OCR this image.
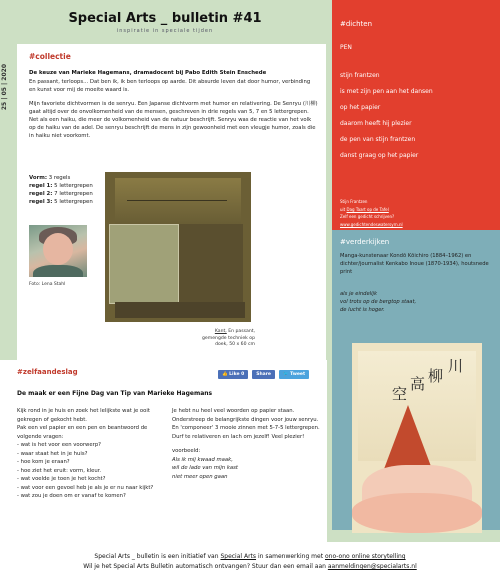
Special Arts _ bulletin #41
inspiratie in speciale tijden
25 | 05 | 2020
#collectie
De keuze van Marieke Hagemans, dramadocent bij Pabo Edith Stein Enschede

En passant, terloops... Dat ben ik, ik ben terloops op aarde. Dit absurde leven dat door humor, verbinding en kunst voor mij de moeite waard is.

Mijn favoriete dichtvormen is de senryu. Een Japanse dichtvorm met humor en relativering. De Senryu (川柳) gaat altijd over de onvolkomenheid van de mensen, geschreven in drie regels van 5, 7 en 5 lettergrepen. Net als een haiku, die meer de volkomenheid van de natuur beschrijft. Senryu was de reactie van het volk op de haiku van de adel. De senryu beschrijft de mens in zijn gewoonheid met een vleugje humor, zoals die in haiku niet voorkomt.

Vorm: 3 regels
regel 1: 5 lettergrepen
regel 2: 7 lettergrepen
regel 3: 5 lettergrepen
Foto: Lena Stahl
Kant, En passant, gemengde techniek op doek, 50 x 60 cm
#dichten
PEN
stijn frantzen
is met zijn pen aan het dansen
op het papier
daarom heeft hij plezier
de pen van stijn frantzen
danst graag op het papier
Stijn Frantzen
uit Dag Taart op de Tafel
Zelf een gedicht schrijven?
www.gedichtendeswatersyrn.nl
#verderkijken
Manga-kunstenaar Kondō Kōichiro (1884–1962) en dichter/journalist Kenkabo Inoue (1870-1934), houtsnede print
als je eindelijk
vol trots op de bergtop staat,
de lucht is hoger.
川
柳
高
空
#zelfaandeslag	👍 Like 0	Share	🐦 Tweet
De maak er een Fijne Dag van Tip van Marieke Hagemans
Kijk rond in je huis en zoek het lelijkste wat je ooit gekregen of gekocht hebt.
Pak een vel papier en een pen en beantwoord de volgende vragen:
- wat is het voor een voorwerp?
- waar staat het in je huis?
- hoe kom je eraan?
- hoe ziet het eruit: vorm, kleur.
- wat voelde je toen je het kocht?
- wat voor een gevoel heb je als je er nu naar kijkt?
- wat zou je doen om er vanaf te komen?
Je hebt nu heel veel woorden op papier staan. Onderstreep de belangrijkste dingen voor jouw senryu.
En 'componeer' 3 mooie zinnen met 5-7-5 lettergrepen. Durf te relativeren en lach om jezelf! Veel plezier!
voorbeeld:
Als ik mij kwaad maak,
wil de lade van mijn kast
niet meer open gaan
Special Arts _ bulletin is een initiatief van Special Arts in samenwerking met ono-ono online storytelling
Wil je het Special Arts Bulletin automatisch ontvangen? Stuur dan een email aan aanmeldingen@specialarts.nl
